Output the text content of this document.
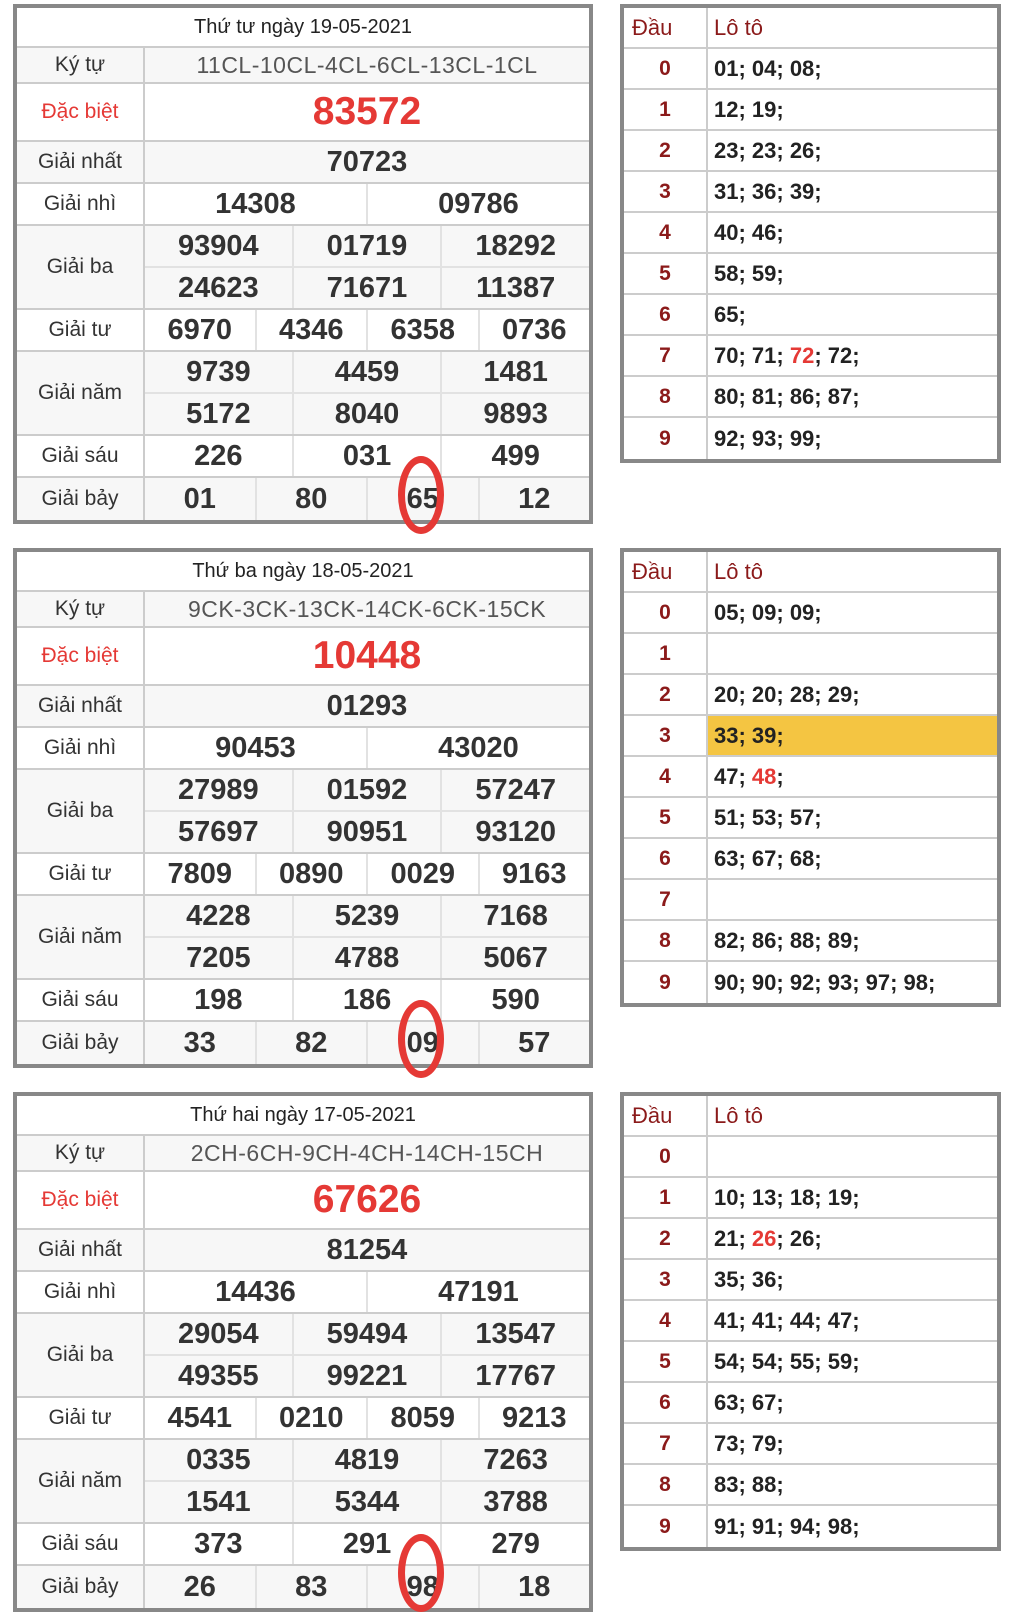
Thứ tư ngày 19-05-2021
Ký tự	11CL-10CL-4CL-6CL-13CL-1CL
Đặc biệt	83572
Giải nhất	70723
Giải nhì	14308	09786
Giải ba
93904	01719	18292
24623	71671	11387
Giải tư	6970	4346	6358	0736
Giải năm
9739	4459	1481
5172	8040	9893
Giải sáu	226	031	499
Giải bảy	01	80	65	12
Đầu	Lô tô
0	01; 04; 08;
1	12; 19;
2	23; 23; 26;
3	31; 36; 39;
4	40; 46;
5	58; 59;
6	65;
7	70; 71; 72 ; 72;
8	80; 81; 86; 87;
9	92; 93; 99;
Thứ ba ngày 18-05-2021
Ký tự	9CK-3CK-13CK-14CK-6CK-15CK
Đặc biệt	10448
Giải nhất	01293
Giải nhì	90453	43020
Giải ba
27989	01592	57247
57697	90951	93120
Giải tư	7809	0890	0029	9163
Giải năm
4228	5239	7168
7205	4788	5067
Giải sáu	198	186	590
Giải bảy	33	82	09	57
Đầu	Lô tô
0	05; 09; 09;
1
2	20; 20; 28; 29;
3	33; 39;
4	47; 48 ;
5	51; 53; 57;
6	63; 67; 68;
7
8	82; 86; 88; 89;
9	90; 90; 92; 93; 97; 98;
Thứ hai ngày 17-05-2021
Ký tự	2CH-6CH-9CH-4CH-14CH-15CH
Đặc biệt	67626
Giải nhất	81254
Giải nhì	14436	47191
Giải ba
29054	59494	13547
49355	99221	17767
Giải tư	4541	0210	8059	9213
Giải năm
0335	4819	7263
1541	5344	3788
Giải sáu	373	291	279
Giải bảy	26	83	98	18
Đầu	Lô tô
0
1	10; 13; 18; 19;
2	21; 26 ; 26;
3	35; 36;
4	41; 41; 44; 47;
5	54; 54; 55; 59;
6	63; 67;
7	73; 79;
8	83; 88;
9	91; 91; 94; 98;
